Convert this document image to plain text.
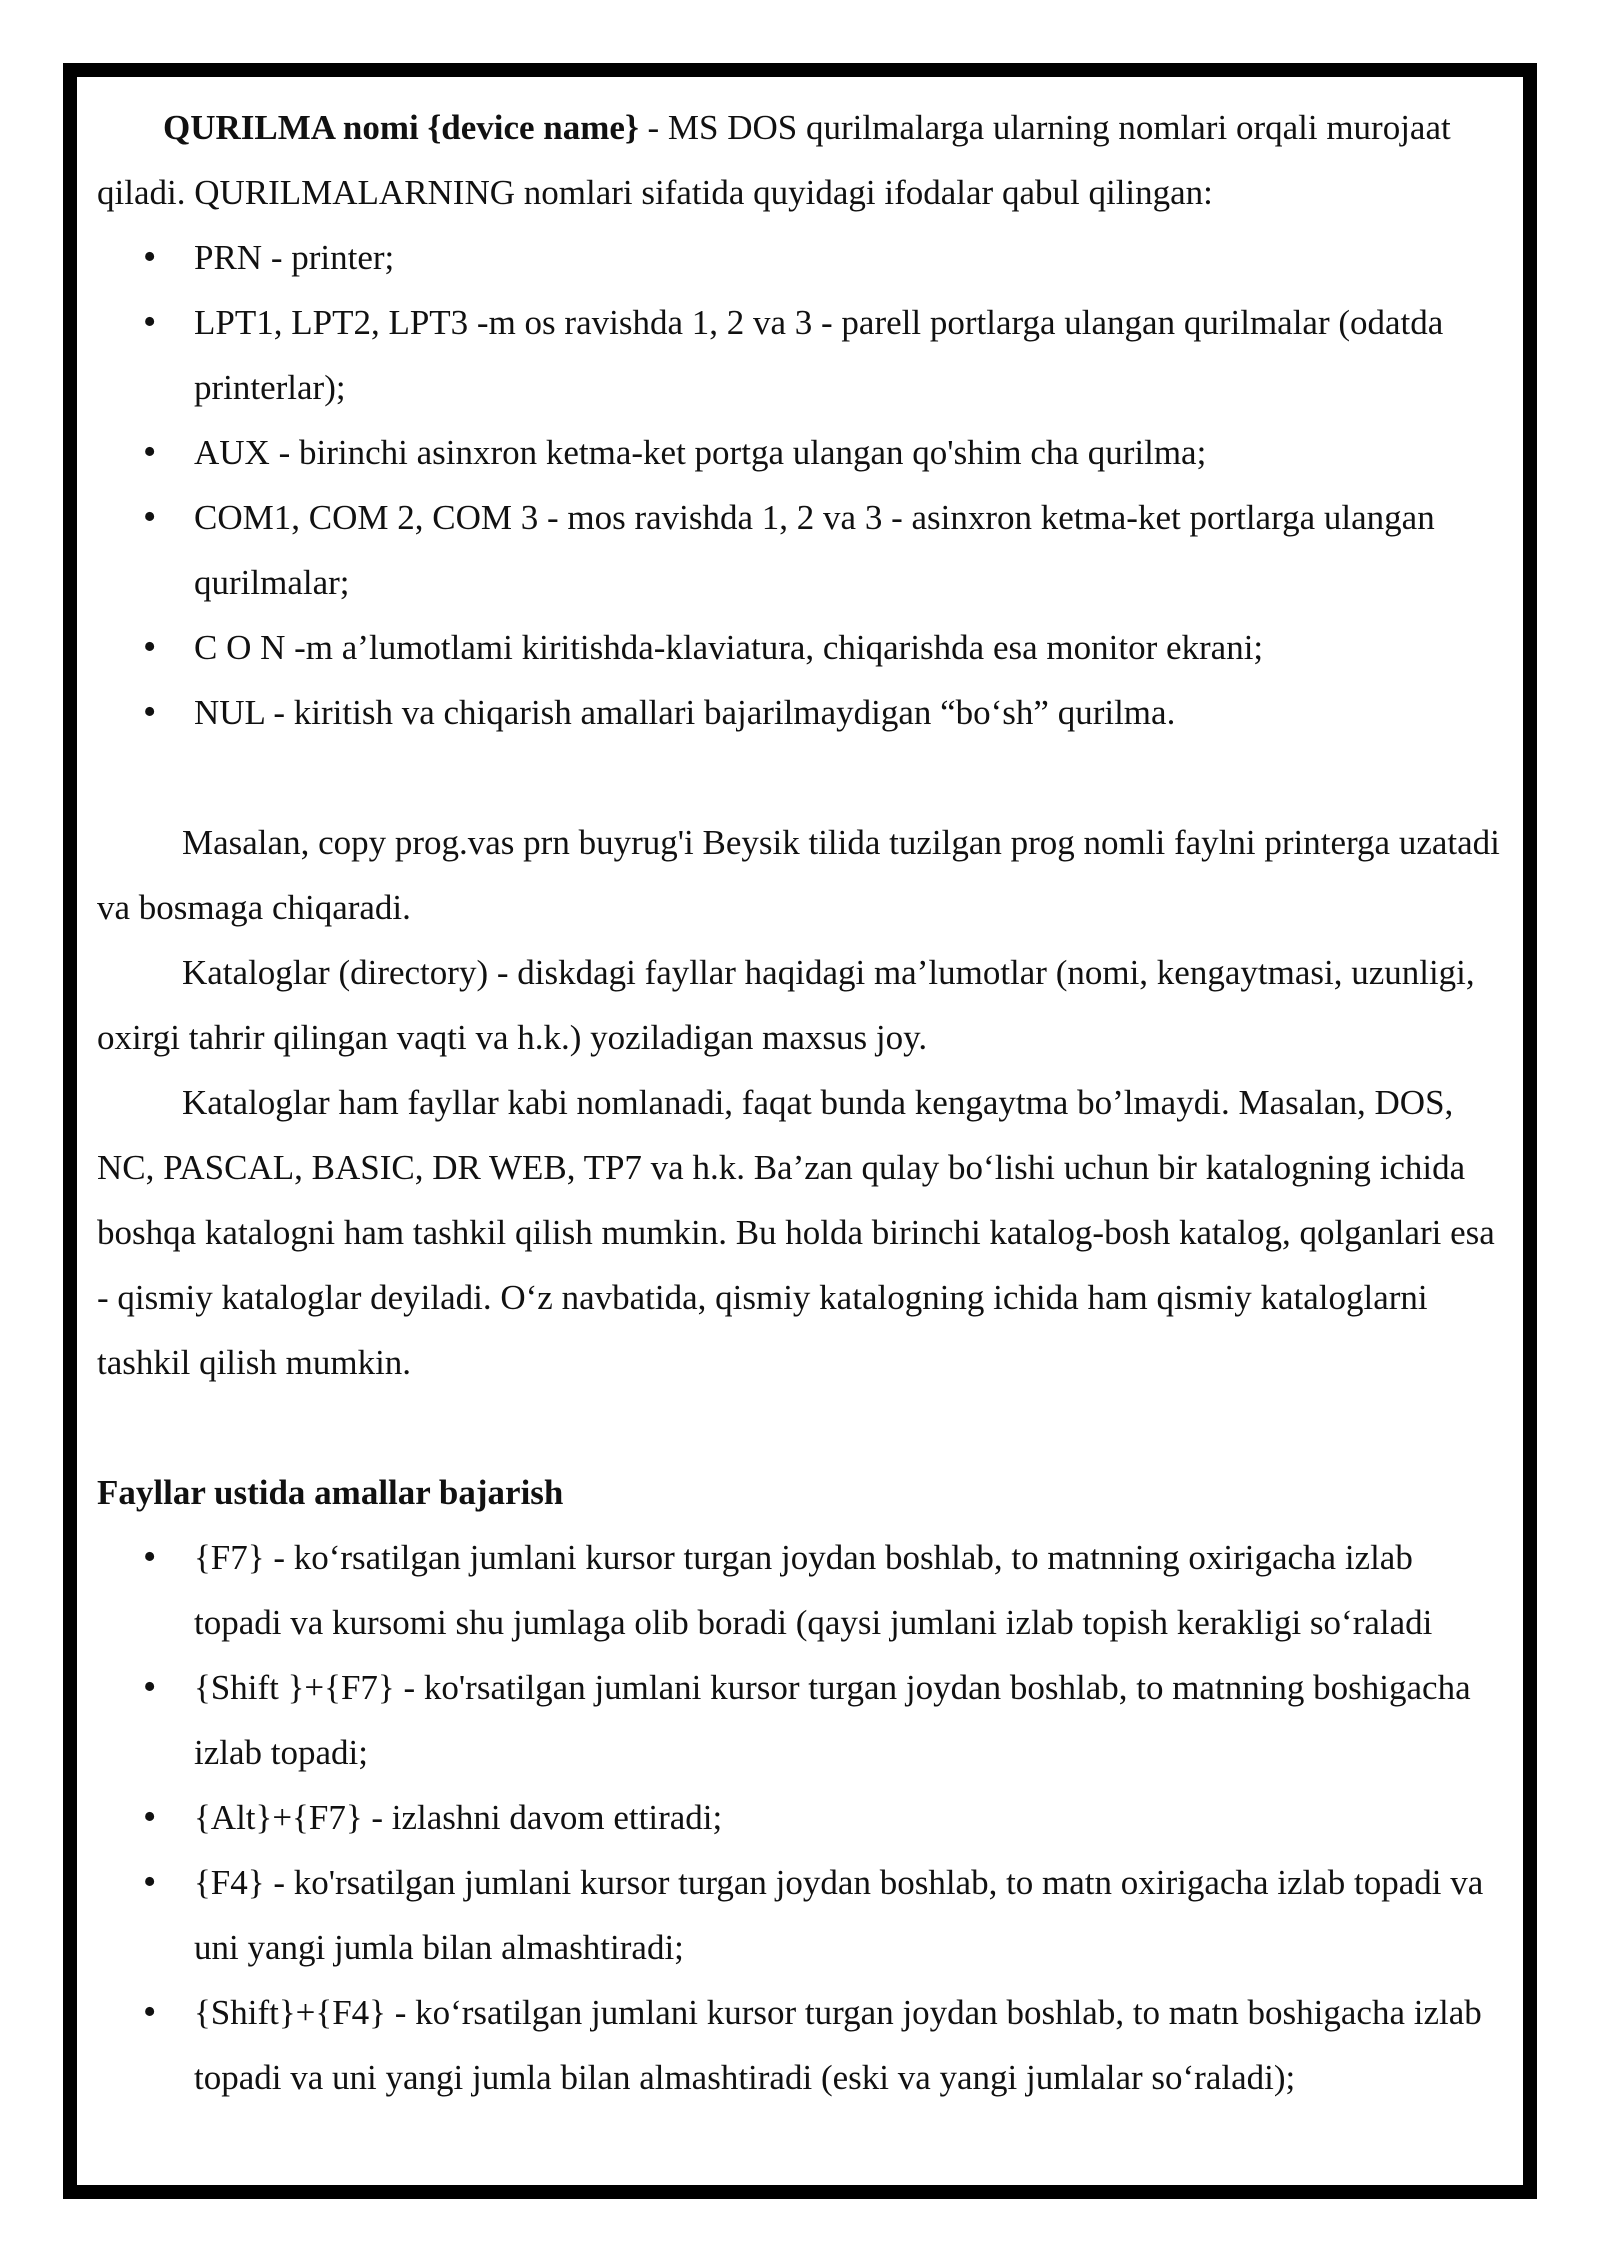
QURILMA nomi {device name} - MS DOS qurilmalarga ularning nomlari orqali murojaat qiladi. QURILMALARNING nomlari sifatida quyidagi ifodalar qabul qilingan:

• PRN - printer;
• LPT1, LPT2, LPT3 -m os ravishda 1, 2 va 3 - parell portlarga ulangan qurilmalar (odatda printerlar);
• AUX - birinchi asinxron ketma-ket portga ulangan qo'shim cha qurilma;
• COM1, COM 2, COM 3 - mos ravishda 1, 2 va 3 - asinxron ketma-ket portlarga ulangan qurilmalar;
• C O N -m a’lumotlami kiritishda-klaviatura, chiqarishda esa monitor ekrani;
• NUL - kiritish va chiqarish amallari bajarilmaydigan “bo‘sh” qurilma.

Masalan, copy prog.vas prn buyrug'i Beysik tilida tuzilgan prog nomli faylni printerga uzatadi va bosmaga chiqaradi.

Kataloglar (directory) - diskdagi fayllar haqidagi ma’lumotlar (nomi, kengaytmasi, uzunligi, oxirgi tahrir qilingan vaqti va h.k.) yoziladigan maxsus joy.

Kataloglar ham fayllar kabi nomlanadi, faqat bunda kengaytma bo’lmaydi. Masalan, DOS, NC, PASCAL, BASIC, DR WEB, TP7 va h.k. Ba’zan qulay bo‘lishi uchun bir katalogning ichida boshqa katalogni ham tashkil qilish mumkin. Bu holda birinchi katalog-bosh katalog, qolganlari esa - qismiy kataloglar deyiladi. O‘z navbatida, qismiy katalogning ichida ham qismiy kataloglarni tashkil qilish mumkin.

Fayllar ustida amallar bajarish

• {F7} - ko‘rsatilgan jumlani kursor turgan joydan boshlab, to matnning oxirigacha izlab topadi va kursomi shu jumlaga olib boradi (qaysi jumlani izlab topish kerakligi so‘raladi
• {Shift }+{F7} - ko'rsatilgan jumlani kursor turgan joydan boshlab, to matnning boshigacha izlab topadi;
• {Alt}+{F7} - izlashni davom ettiradi;
• {F4} - ko'rsatilgan jumlani kursor turgan joydan boshlab, to matn oxirigacha izlab topadi va uni yangi jumla bilan almashtiradi;
• {Shift}+{F4} - ko‘rsatilgan jumlani kursor turgan joydan boshlab, to matn boshigacha izlab topadi va uni yangi jumla bilan almashtiradi (eski va yangi jumlalar so‘raladi);
